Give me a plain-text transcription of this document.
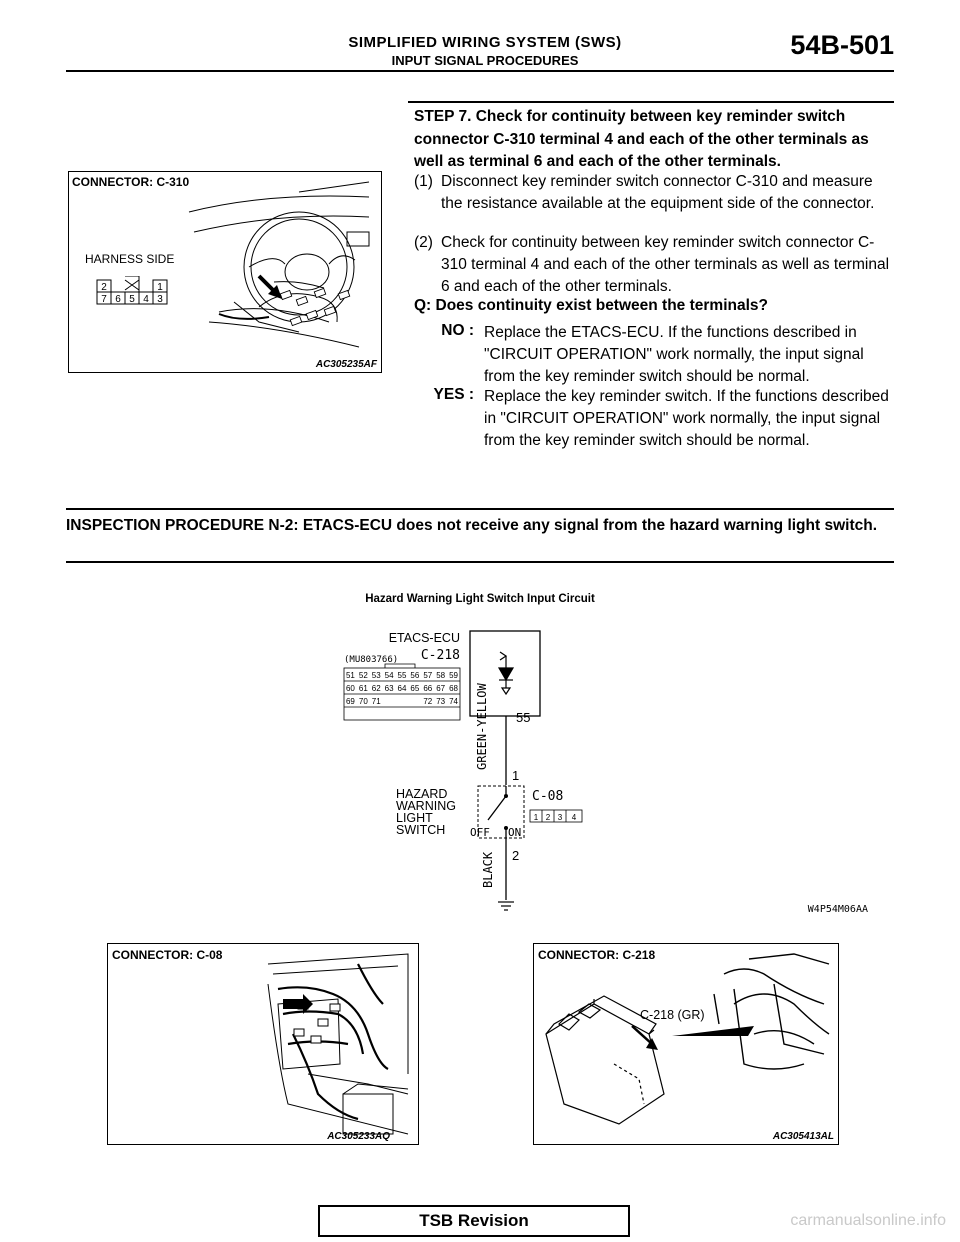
SIMPLIFIED WIRING SYSTEM (SWS)
INPUT SIGNAL PROCEDURES
54B-501
CONNECTOR: C-310
HARNESS SIDE
2	1
7 6 5 4 3
AC305235AF
STEP 7. Check for continuity between key reminder switch connector C-310 terminal 4 and each of the other terminals as well as terminal 6 and each of the other terminals.
(1) Disconnect key reminder switch connector C-310 and measure the resistance available at the equipment side of the connector.
(2) Check for continuity between key reminder switch connector C-310 terminal 4 and each of the other terminals as well as terminal 6 and each of the other terminals.
Q: Does continuity exist between the terminals?
NO : Replace the ETACS-ECU. If the functions described in "CIRCUIT OPERATION" work normally, the input signal from the key reminder switch should be normal.
YES : Replace the key reminder switch. If the functions described in "CIRCUIT OPERATION" work normally, the input signal from the key reminder switch should be normal.
INSPECTION PROCEDURE N-2: ETACS-ECU does not receive any signal from the hazard warning light switch.
Hazard Warning Light Switch Input Circuit
ETACS-ECU
(MU803766) C-218
51 52 53 54 55 56 57 58 59
60 61 62 63 64 65 66 67 68
69 70 71	72 73 74
55
GREEN-YELLOW
1
OFF ON
HAZARD
WARNING
LIGHT
SWITCH
C-08
1 2 3 4
2
BLACK
W4P54M06AA
CONNECTOR: C-08
AC305233AQ
CONNECTOR: C-218
C-218 (GR)
AC305413AL
TSB Revision	carmanualsonline.info
